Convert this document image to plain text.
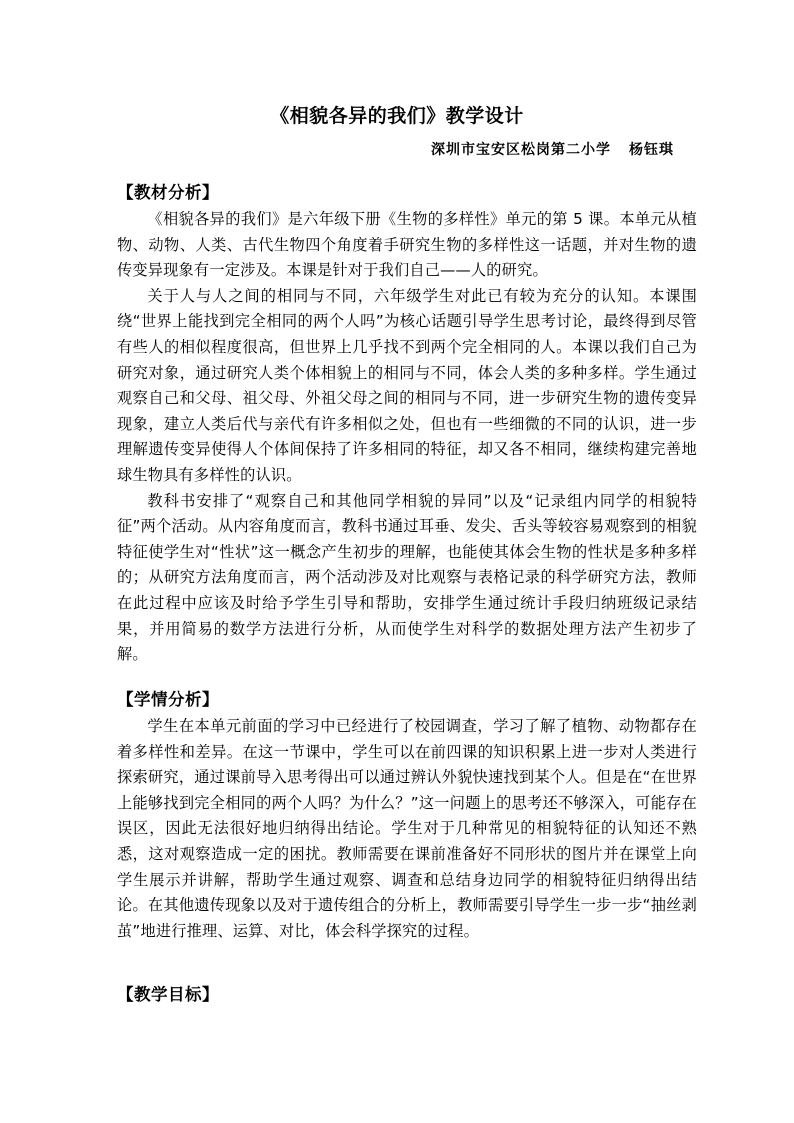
《相貌各异的我们》教学设计
深圳市宝安区松岗第二小学 杨钰琪
【教材分析】

《相貌各异的我们》是六年级下册《生物的多样性》单元的第 5 课。本单元从植物、动物、人类、古代生物四个角度着手研究生物的多样性这一话题，并对生物的遗传变异现象有一定涉及。本课是针对于我们自己——人的研究。

关于人与人之间的相同与不同，六年级学生对此已有较为充分的认知。本课围绕“世界上能找到完全相同的两个人吗”为核心话题引导学生思考讨论，最终得到尽管有些人的相似程度很高，但世界上几乎找不到两个完全相同的人。本课以我们自己为研究对象，通过研究人类个体相貌上的相同与不同，体会人类的多种多样。学生通过观察自己和父母、祖父母、外祖父母之间的相同与不同，进一步研究生物的遗传变异现象，建立人类后代与亲代有许多相似之处，但也有一些细微的不同的认识，进一步理解遗传变异使得人个体间保持了许多相同的特征，却又各不相同，继续构建完善地球生物具有多样性的认识。

教科书安排了“观察自己和其他同学相貌的异同”以及“记录组内同学的相貌特征”两个活动。从内容角度而言，教科书通过耳垂、发尖、舌头等较容易观察到的相貌特征使学生对“性状”这一概念产生初步的理解，也能使其体会生物的性状是多种多样的；从研究方法角度而言，两个活动涉及对比观察与表格记录的科学研究方法，教师在此过程中应该及时给予学生引导和帮助，安排学生通过统计手段归纳班级记录结果，并用简易的数学方法进行分析，从而使学生对科学的数据处理方法产生初步了解。

【学情分析】

学生在本单元前面的学习中已经进行了校园调查，学习了解了植物、动物都存在着多样性和差异。在这一节课中，学生可以在前四课的知识积累上进一步对人类进行探索研究，通过课前导入思考得出可以通过辨认外貌快速找到某个人。但是在“在世界上能够找到完全相同的两个人吗？为什么？”这一问题上的思考还不够深入，可能存在误区，因此无法很好地归纳得出结论。学生对于几种常见的相貌特征的认知还不熟悉，这对观察造成一定的困扰。教师需要在课前准备好不同形状的图片并在课堂上向学生展示并讲解，帮助学生通过观察、调查和总结身边同学的相貌特征归纳得出结论。在其他遗传现象以及对于遗传组合的分析上，教师需要引导学生一步一步“抽丝剥茧”地进行推理、运算、对比，体会科学探究的过程。

【教学目标】
